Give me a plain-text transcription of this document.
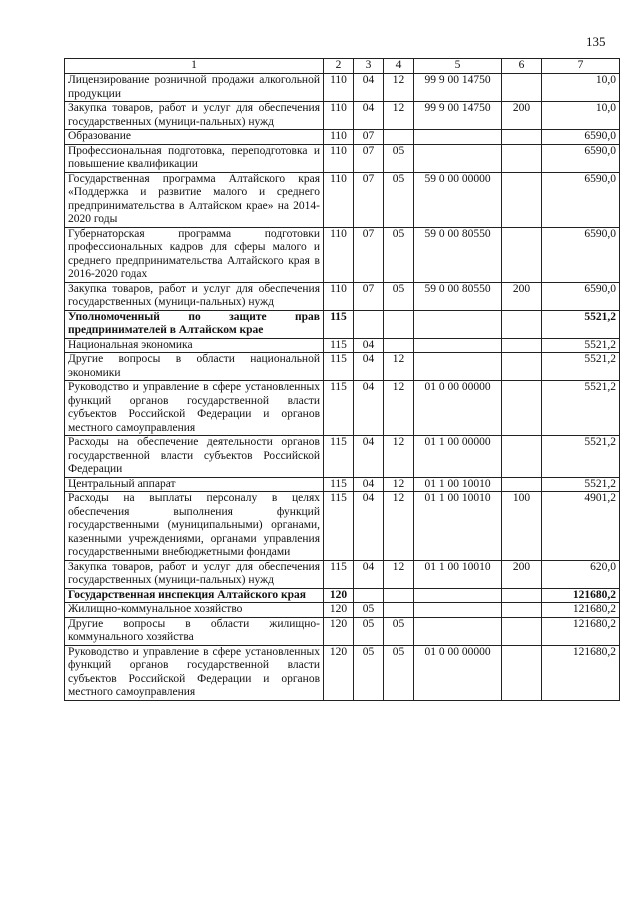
135
1	2	3	4	5	6	7
Лицензирование розничной продажи алкогольной продукции	110	04	12	99 9 00 14750		10,0
Закупка товаров, работ и услуг для обеспечения государственных (муници-пальных) нужд	110	04	12	99 9 00 14750	200	10,0
Образование	110	07				6590,0
Профессиональная подготовка, переподготовка и повышение квалификации	110	07	05			6590,0
Государственная программа Алтайского края «Поддержка и развитие малого и среднего предпринимательства в Алтайском крае» на 2014-2020 годы	110	07	05	59 0 00 00000		6590,0
Губернаторская программа подготовки профессиональных кадров для сферы малого и среднего предпринимательства Алтайского края в 2016-2020 годах	110	07	05	59 0 00 80550		6590,0
Закупка товаров, работ и услуг для обеспечения государственных (муници-пальных) нужд	110	07	05	59 0 00 80550	200	6590,0
Уполномоченный по защите прав предпринимателей в Алтайском крае	115					5521,2
Национальная экономика	115	04				5521,2
Другие вопросы в области национальной экономики	115	04	12			5521,2
Руководство и управление в сфере установленных функций органов государственной власти субъектов Российской Федерации и органов местного самоуправления	115	04	12	01 0 00 00000		5521,2
Расходы на обеспечение деятельности органов государственной власти субъектов Российской Федерации	115	04	12	01 1 00 00000		5521,2
Центральный аппарат	115	04	12	01 1 00 10010		5521,2
Расходы на выплаты персоналу в целях обеспечения выполнения функций государственными (муниципальными) органами, казенными учреждениями, органами управления государственными внебюджетными фондами	115	04	12	01 1 00 10010	100	4901,2
Закупка товаров, работ и услуг для обеспечения государственных (муници-пальных) нужд	115	04	12	01 1 00 10010	200	620,0
Государственная инспекция Алтайского края	120					121680,2
Жилищно-коммунальное хозяйство	120	05				121680,2
Другие вопросы в области жилищно-коммунального хозяйства	120	05	05			121680,2
Руководство и управление в сфере установленных функций органов государственной власти субъектов Российской Федерации и органов местного самоуправления	120	05	05	01 0 00 00000		121680,2
